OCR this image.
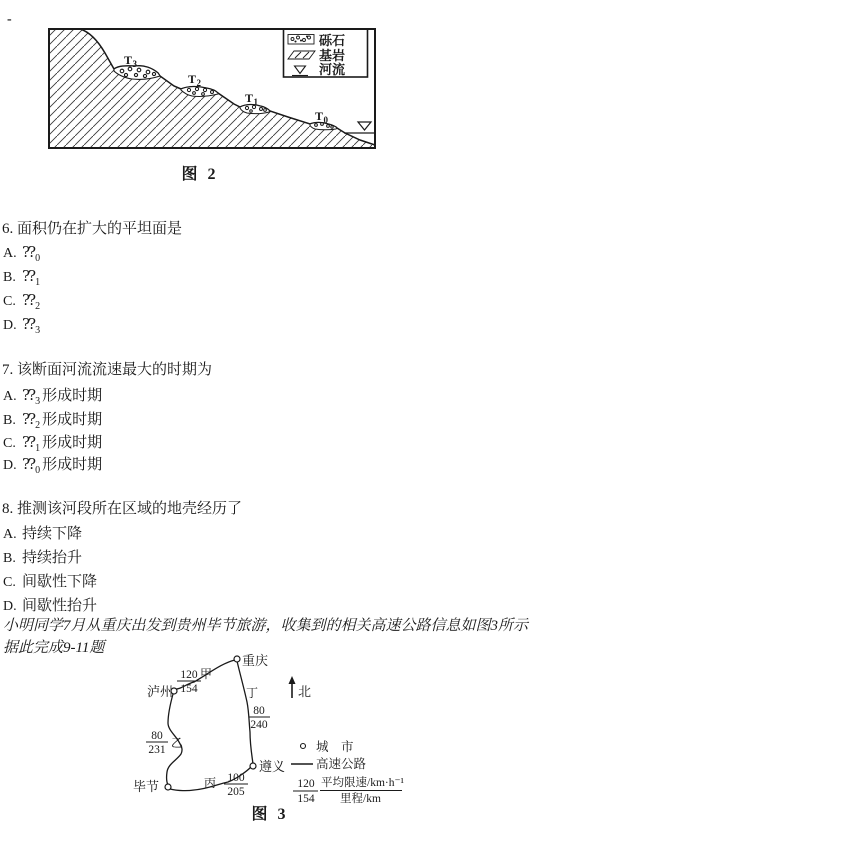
-
T 3
T 2
T 1
T 0
砾石
基岩
河流
图 2
6. 面积仍在扩大的平坦面是
A. $??_0$
B. $??_1$
C. $??_2$
D. $??_3$
7. 该断面河流流速最大的时期为
A. $??_3$ 形成时期
B. $??_2$ 形成时期
C. $??_1$ 形成时期
D. $??_0$ 形成时期
8. 推测该河段所在区域的地壳经历了
A. 持续下降
B. 持续抬升
C. 间歇性下降
D. 间歇性抬升
小明同学7月从重庆出发到贵州毕节旅游，收集到的相关高速公路信息如图3所示
据此完成9-11题
重庆
泸州
遵义
毕节
甲
丁
乙
丙
120
154
80
240
80
231
100
205
北
城　市
高速公路
120
154
平均限速/km·h⁻¹
里程/km
图 3
